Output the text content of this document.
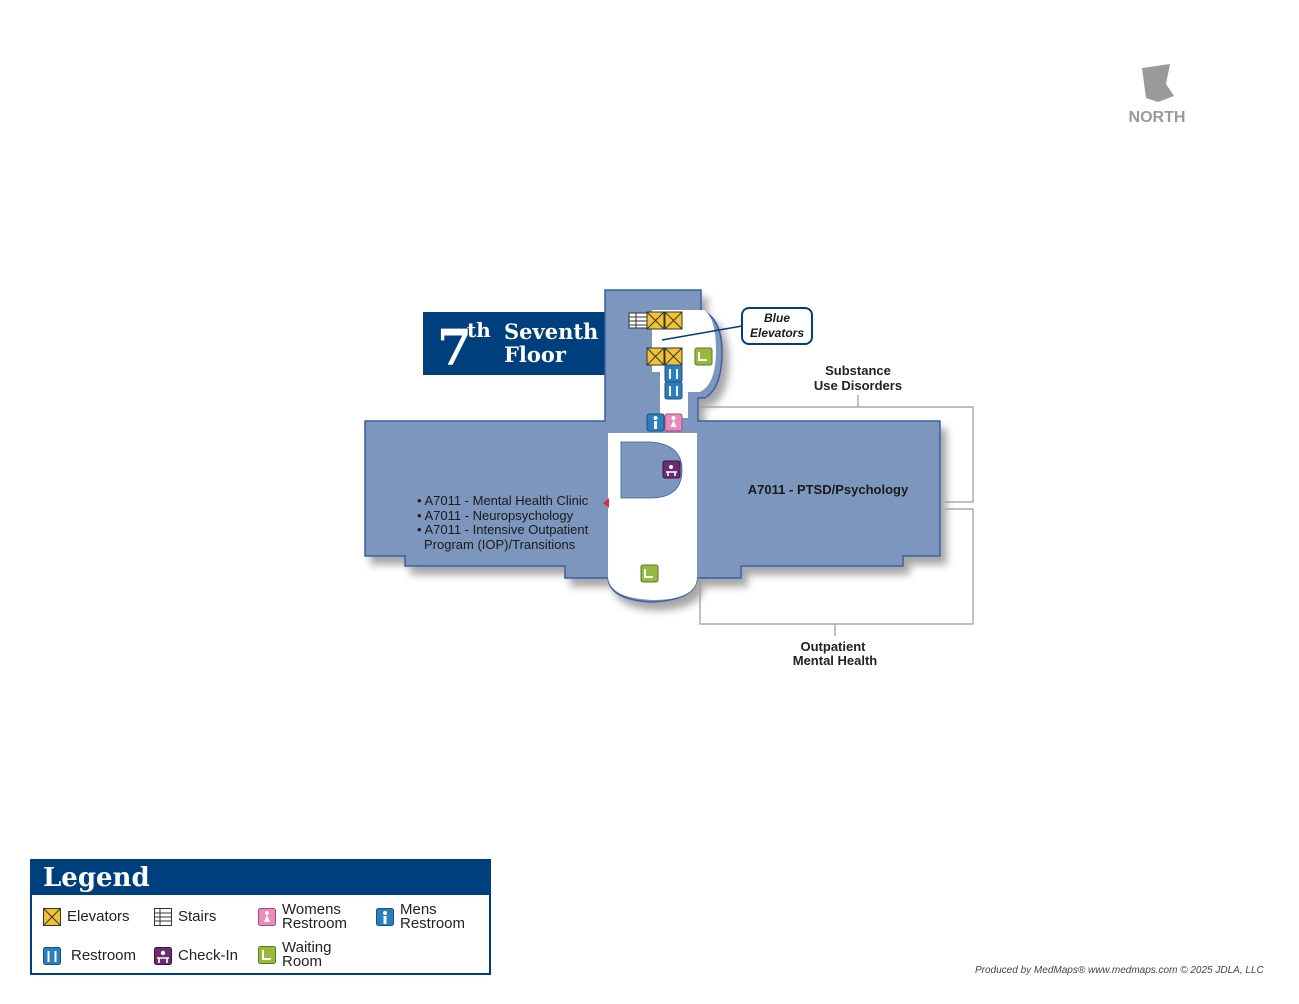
NORTH
7
th Seventh
Floor
Blue
Elevators
Substance
Use Disorders
Outpatient
Mental Health
A7011 - PTSD/Psychology
• A7011 - Mental Health Clinic
• A7011 - Neuropsychology
• A7011 - Intensive Outpatient
Program (IOP)/Transitions
Legend
Elevators	Stairs	Womens
Restroom
Mens
Restroom
Restroom	Check-In	Waiting
Room
Produced by MedMaps® www.medmaps.com © 2025 JDLA, LLC
